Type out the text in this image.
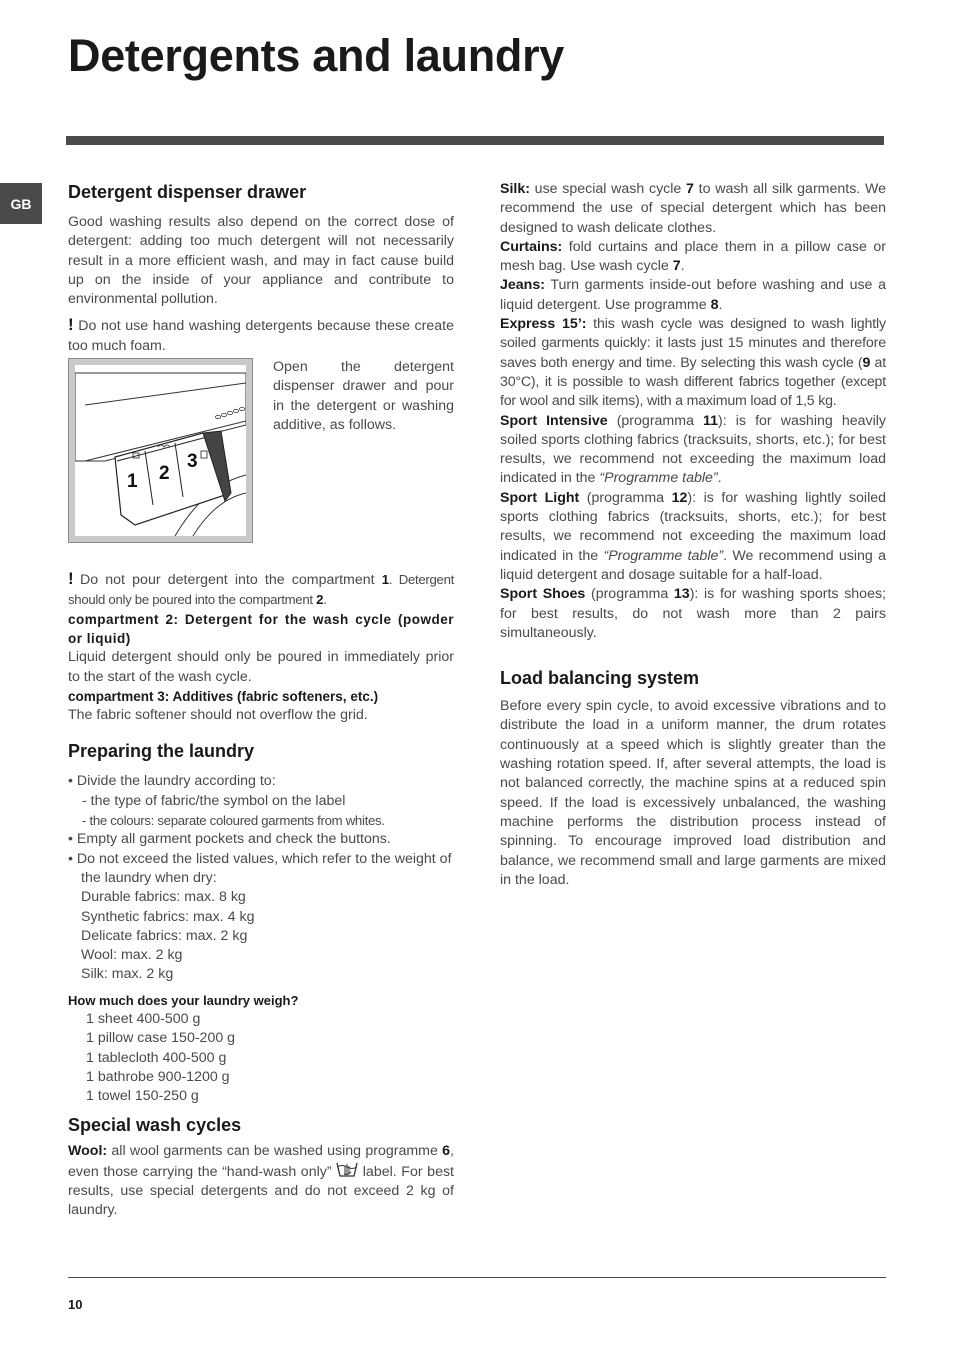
Detergents and laundry
GB
Detergent dispenser drawer

Good washing results also depend on the correct dose of detergent: adding too much detergent will not necessarily result in a more efficient wash, and may in fact cause build up on the inside of your appliance and contribute to environmental pollution.

! Do not use hand washing detergents because these create too much foam.

1 2
3

Open the detergent dispenser drawer and pour in the detergent or washing additive, as follows.

! Do not pour detergent into the compartment 1. Detergent should only be poured into the compartment 2.

compartment 2: Detergent for the wash cycle (powder or liquid)

Liquid detergent should only be poured in immediately prior to the start of the wash cycle.

compartment 3: Additives (fabric softeners, etc.)

The fabric softener should not overflow the grid.

Preparing the laundry
• Divide the laundry according to:
- the type of fabric/the symbol on the label
- the colours: separate coloured garments from whites.
• Empty all garment pockets and check the buttons.
• Do not exceed the listed values, which refer to the weight of the laundry when dry:
Durable fabrics: max. 8 kg
Synthetic fabrics: max. 4 kg
Delicate fabrics: max. 2 kg
Wool: max. 2 kg
Silk: max. 2 kg

How much does your laundry weigh?

1 sheet 400-500 g
1 pillow case 150-200 g
1 tablecloth 400-500 g
1 bathrobe 900-1200 g
1 towel 150-250 g
Special wash cycles

Wool: all wool garments can be washed using programme 6, even those carrying the “hand-wash only”  label. For best results, use special detergents and do not exceed 2 kg of laundry.

Silk: use special wash cycle 7 to wash all silk garments. We recommend the use of special detergent which has been designed to wash delicate clothes.

Curtains: fold curtains and place them in a pillow case or mesh bag. Use wash cycle 7.

Jeans: Turn garments inside-out before washing and use a liquid detergent. Use programme 8.

Express 15’: this wash cycle was designed to wash lightly soiled garments quickly: it lasts just 15 minutes and therefore saves both energy and time. By selecting this wash cycle (9 at 30°C), it is possible to wash different fabrics together (except for wool and silk items), with a maximum load of 1,5 kg.

Sport Intensive (programma 11): is for washing heavily soiled sports clothing fabrics (tracksuits, shorts, etc.); for best results, we recommend not exceeding the maximum load indicated in the “Programme table”.

Sport Light (programma 12): is for washing lightly soiled sports clothing fabrics (tracksuits, shorts, etc.); for best results, we recommend not exceeding the maximum load indicated in the “Programme table”. We recommend using a liquid detergent and dosage suitable for a half-load.

Sport Shoes (programma 13): is for washing sports shoes; for best results, do not wash more than 2 pairs simultaneously.

Load balancing system

Before every spin cycle, to avoid excessive vibrations and to distribute the load in a uniform manner, the drum rotates continuously at a speed which is slightly greater than the washing rotation speed. If, after several attempts, the load is not balanced correctly, the machine spins at a reduced spin speed. If the load is excessively unbalanced, the washing machine performs the distribution process instead of spinning. To encourage improved load distribution and balance, we recommend small and large garments are mixed in the load.

10
